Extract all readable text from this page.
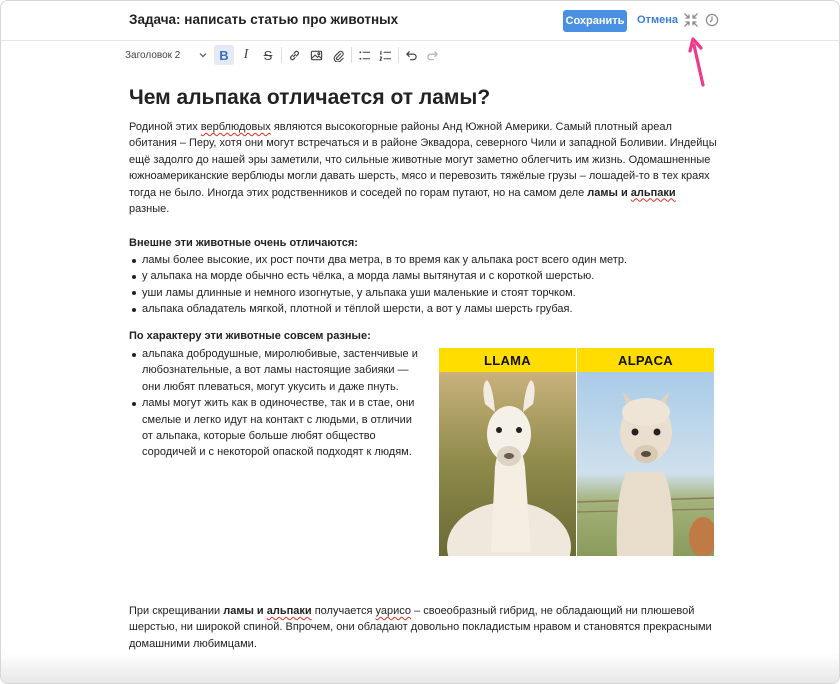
Задача: написать статью про животных	Сохранить Отмена
Заголовок 2	B	I	S
Чем альпака отличается от ламы?
Родиной этих верблюдовых являются высокогорные районы Анд Южной Америки. Самый плотный ареал обитания – Перу, хотя они могут встречаться и в районе Эквадора, северного Чили и западной Боливии. Индейцы ещё задолго до нашей эры заметили, что сильные животные могут заметно облегчить им жизнь. Одомашненные южноамериканские верблюды могли давать шерсть, мясо и перевозить тяжёлые грузы – лошадей-то в тех краях тогда не было. Иногда этих родственников и соседей по горам путают, но на самом деле ламы и альпаки разные.
Внешне эти животные очень отличаются:
ламы более высокие, их рост почти два метра, в то время как у альпака рост всего один метр.
у альпака на морде обычно есть чёлка, а морда ламы вытянутая и с короткой шерстью.
уши ламы длинные и немного изогнутые, у альпака уши маленькие и стоят торчком.
альпака обладатель мягкой, плотной и тёплой шерсти, а вот у ламы шерсть грубая.
По характеру эти животные совсем разные:
альпака добродушные, миролюбивые, застенчивые и любознательные, а вот ламы настоящие забияки — они любят плеваться, могут укусить и даже пнуть.
ламы могут жить как в одиночестве, так и в стае, они смелые и легко идут на контакт с людьми, в отличии от альпака, которые больше любят общество сородичей и с некоторой опаской подходят к людям.
LLAMA	ALPACA
При скрещивании ламы и альпаки получается уарисо – своеобразный гибрид, не обладающий ни плюшевой шерстью, ни широкой спиной. Впрочем, они обладают довольно покладистым нравом и становятся прекрасными домашними любимцами.
